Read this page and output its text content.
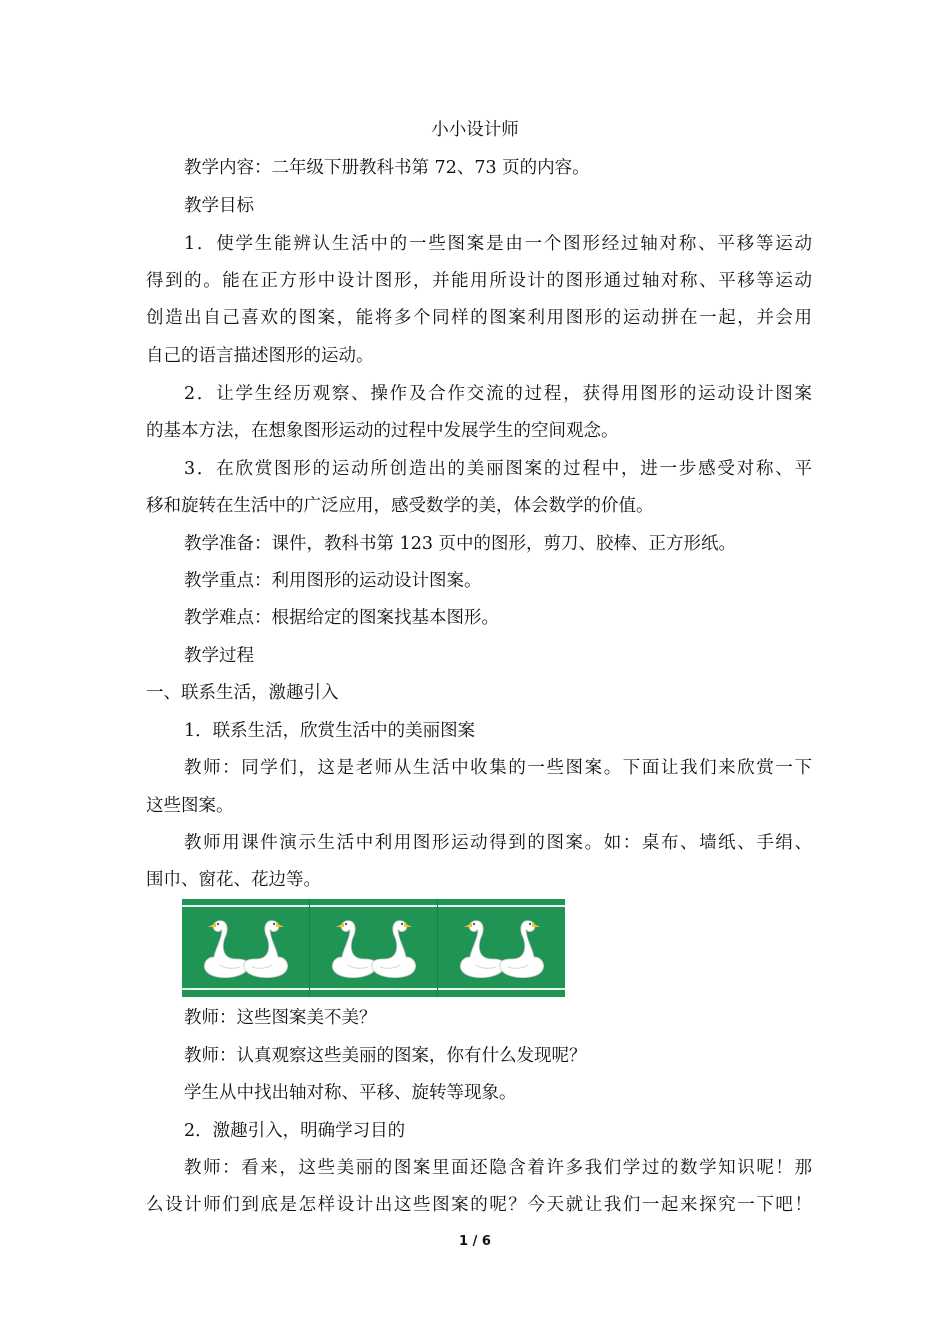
小小设计师
教学内容：二年级下册教科书第 72、73 页的内容。
教学目标
1．使学生能辨认生活中的一些图案是由一个图形经过轴对称、平移等运动
得到的。能在正方形中设计图形，并能用所设计的图形通过轴对称、平移等运动
创造出自己喜欢的图案，能将多个同样的图案利用图形的运动拼在一起，并会用
自己的语言描述图形的运动。
2．让学生经历观察、操作及合作交流的过程，获得用图形的运动设计图案
的基本方法，在想象图形运动的过程中发展学生的空间观念。
3．在欣赏图形的运动所创造出的美丽图案的过程中，进一步感受对称、平
移和旋转在生活中的广泛应用，感受数学的美，体会数学的价值。
教学准备：课件，教科书第 123 页中的图形，剪刀、胶棒、正方形纸。
教学重点：利用图形的运动设计图案。
教学难点：根据给定的图案找基本图形。
教学过程
一、联系生活，激趣引入
1．联系生活，欣赏生活中的美丽图案
教师：同学们，这是老师从生活中收集的一些图案。下面让我们来欣赏一下
这些图案。
教师用课件演示生活中利用图形运动得到的图案。如：桌布、墙纸、手绢、
围巾、窗花、花边等。
教师：这些图案美不美？
教师：认真观察这些美丽的图案，你有什么发现呢？
学生从中找出轴对称、平移、旋转等现象。
2．激趣引入，明确学习目的
教师：看来，这些美丽的图案里面还隐含着许多我们学过的数学知识呢！那
么设计师们到底是怎样设计出这些图案的呢？今天就让我们一起来探究一下吧！
1 / 6
